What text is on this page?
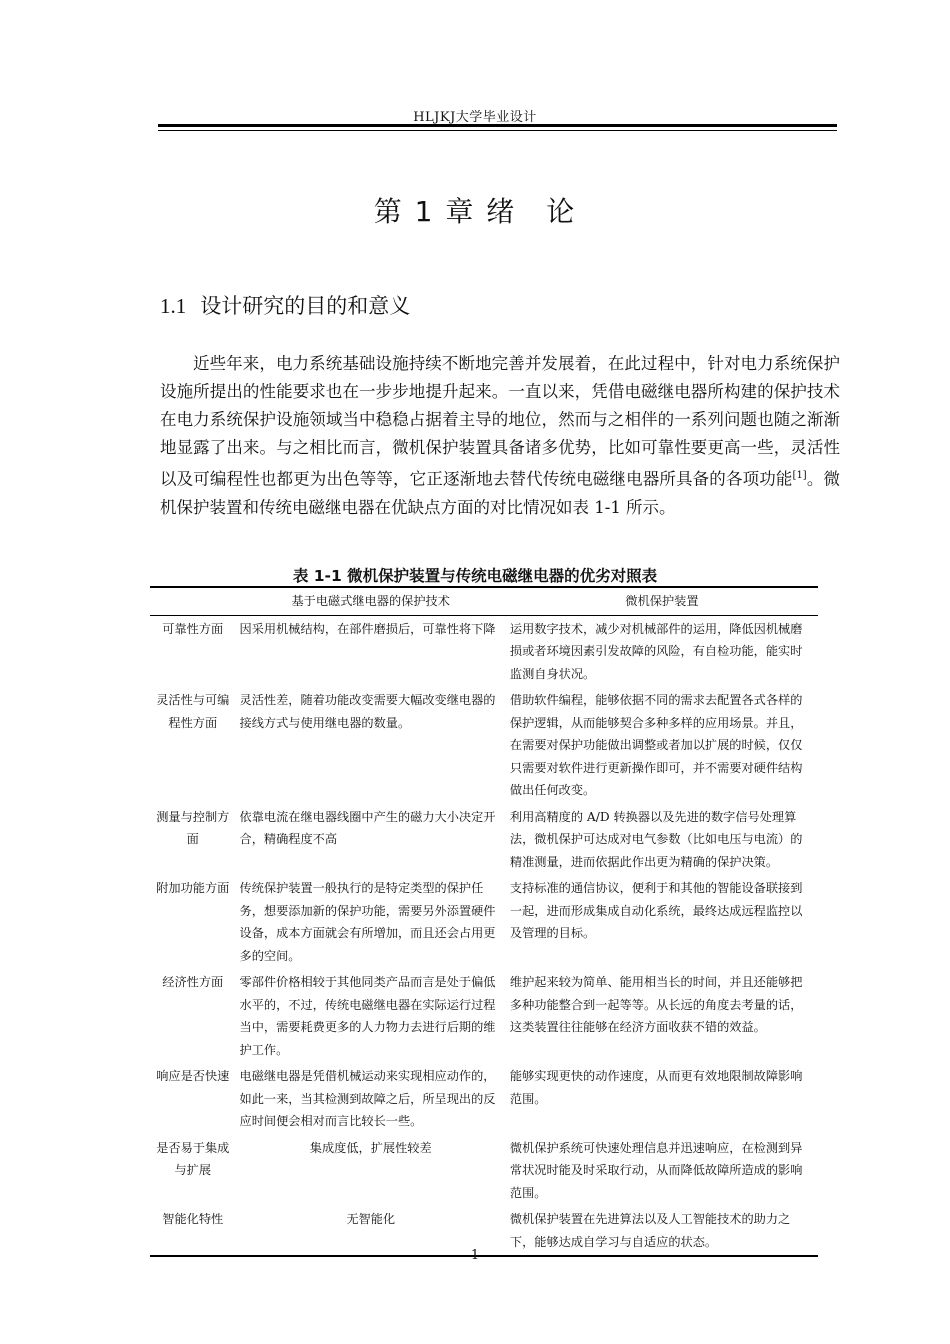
HLJKJ大学毕业设计
第 1 章 绪　论
1.1 设计研究的目的和意义
近些年来，电力系统基础设施持续不断地完善并发展着，在此过程中，针对电力系统保护设施所提出的性能要求也在一步步地提升起来。一直以来，凭借电磁继电器所构建的保护技术在电力系统保护设施领域当中稳稳占据着主导的地位，然而与之相伴的一系列问题也随之渐渐地显露了出来。与之相比而言，微机保护装置具备诸多优势，比如可靠性要更高一些，灵活性以及可编程性也都更为出色等等，它正逐渐地去替代传统电磁继电器所具备的各项功能[1]。微机保护装置和传统电磁继电器在优缺点方面的对比情况如表 1-1 所示。
表 1-1 微机保护装置与传统电磁继电器的优劣对照表
	基于电磁式继电器的保护技术	微机保护装置
可靠性方面	因采用机械结构，在部件磨损后，可靠性将下降	运用数字技术，减少对机械部件的运用，降低因机械磨损或者环境因素引发故障的风险，有自检功能，能实时监测自身状况。
灵活性与可编程性方面	灵活性差，随着功能改变需要大幅改变继电器的接线方式与使用继电器的数量。	借助软件编程，能够依据不同的需求去配置各式各样的保护逻辑，从而能够契合多种多样的应用场景。并且，在需要对保护功能做出调整或者加以扩展的时候，仅仅只需要对软件进行更新操作即可，并不需要对硬件结构做出任何改变。
测量与控制方面	依靠电流在继电器线圈中产生的磁力大小决定开合，精确程度不高	利用高精度的 A/D 转换器以及先进的数字信号处理算法，微机保护可达成对电气参数（比如电压与电流）的精准测量，进而依据此作出更为精确的保护决策。
附加功能方面	传统保护装置一般执行的是特定类型的保护任务，想要添加新的保护功能，需要另外添置硬件设备，成本方面就会有所增加，而且还会占用更多的空间。	支持标准的通信协议，便利于和其他的智能设备联接到一起，进而形成集成自动化系统，最终达成远程监控以及管理的目标。
经济性方面	零部件价格相较于其他同类产品而言是处于偏低水平的，不过，传统电磁继电器在实际运行过程当中，需要耗费更多的人力物力去进行后期的维护工作。	维护起来较为简单、能用相当长的时间，并且还能够把多种功能整合到一起等等。从长远的角度去考量的话，这类装置往往能够在经济方面收获不错的效益。
响应是否快速	电磁继电器是凭借机械运动来实现相应动作的，如此一来，当其检测到故障之后，所呈现出的反应时间便会相对而言比较长一些。	能够实现更快的动作速度，从而更有效地限制故障影响范围。
是否易于集成与扩展	集成度低，扩展性较差	微机保护系统可快速处理信息并迅速响应，在检测到异常状况时能及时采取行动，从而降低故障所造成的影响范围。
智能化特性	无智能化	微机保护装置在先进算法以及人工智能技术的助力之下，能够达成自学习与自适应的状态。
1
